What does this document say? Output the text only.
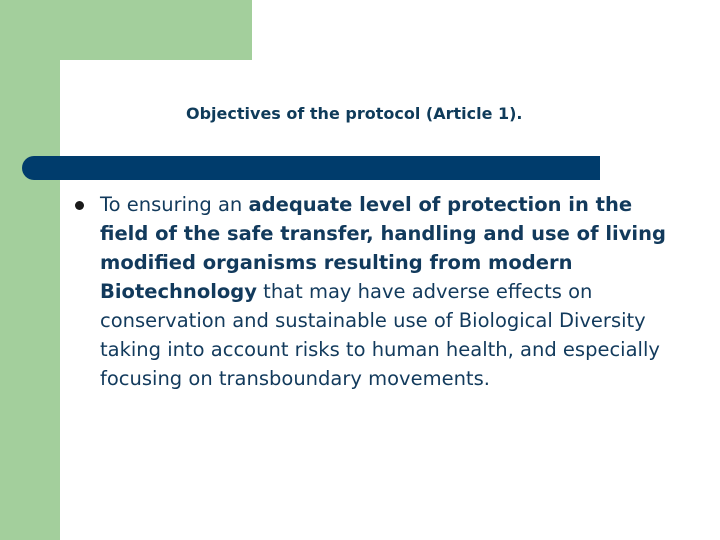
Objectives of the protocol (Article 1).
To ensuring an adequate level of protection in the field of the safe transfer, handling and use of living modified organisms resulting from modern Biotechnology that may have adverse effects on conservation and sustainable use of Biological Diversity taking into account risks to human health, and especially focusing on transboundary movements.
